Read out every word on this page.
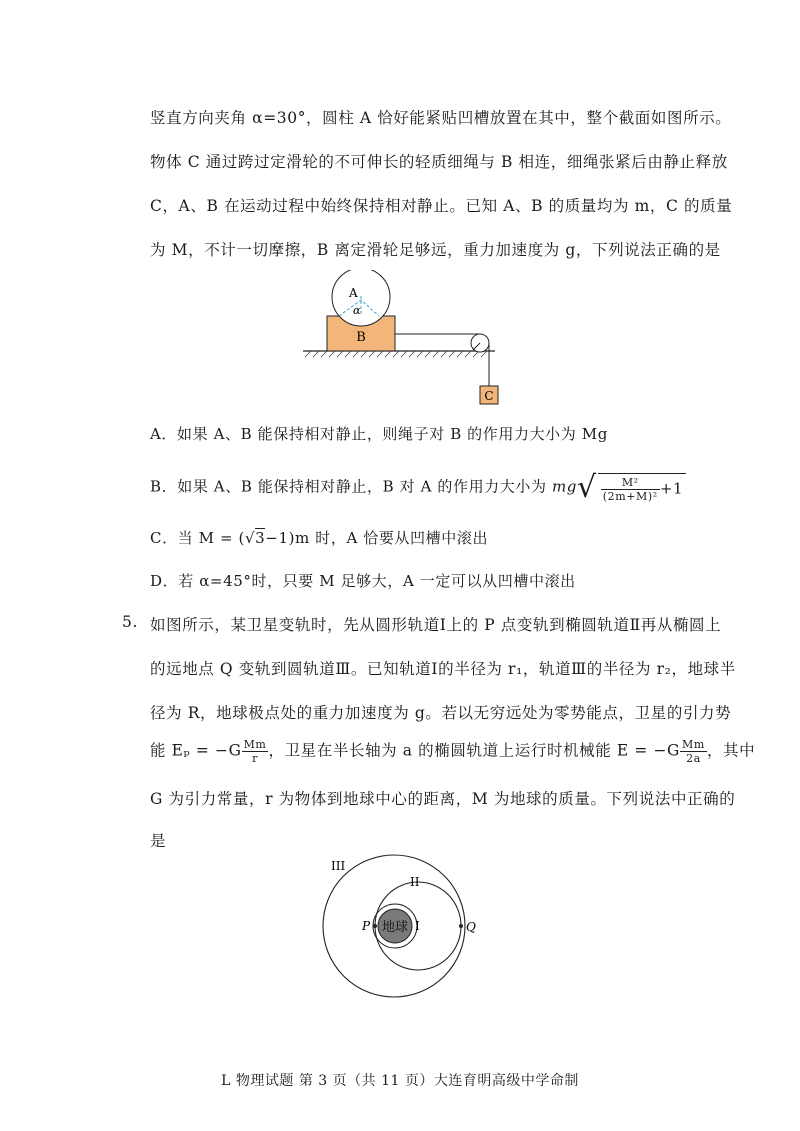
竖直方向夹角 α=30°，圆柱 A 恰好能紧贴凹槽放置在其中，整个截面如图所示。
物体 C 通过跨过定滑轮的不可伸长的轻质细绳与 B 相连，细绳张紧后由静止释放
C，A、B 在运动过程中始终保持相对静止。已知 A、B 的质量均为 m，C 的质量
为 M，不计一切摩擦，B 离定滑轮足够远，重力加速度为 g，下列说法正确的是
B
A
α
C
A．如果 A、B 能保持相对静止，则绳子对 B 的作用力大小为 Mg
B．如果 A、B 能保持相对静止，B 对 A 的作用力大小为 $mg√ \frac{\text{M²}}{\text{(2m+M)²}} +1$
C．当 M = (√3−1)m 时，A 恰要从凹槽中滚出
D．若 α=45°时，只要 M 足够大，A 一定可以从凹槽中滚出
5. 如图所示，某卫星变轨时，先从圆形轨道Ⅰ上的 P 点变轨到椭圆轨道Ⅱ再从椭圆上
的远地点 Q 变轨到圆轨道Ⅲ。已知轨道Ⅰ的半径为 r₁，轨道Ⅲ的半径为 r₂，地球半
径为 R，地球极点处的重力加速度为 g。若以无穷远处为零势能点，卫星的引力势
能 $E_p = -G \frac{Mm}{r}$ ，卫星在半长轴为 a 的椭圆轨道上运行时机械能 $E = -G \frac{Mm}{2a}$ ，其中
G 为引力常量，r 为物体到地球中心的距离，M 为地球的质量。下列说法中正确的
是
地球
III
II
I
P	Q
L 物理试题 第 3 页（共 11 页）大连育明高级中学命制
